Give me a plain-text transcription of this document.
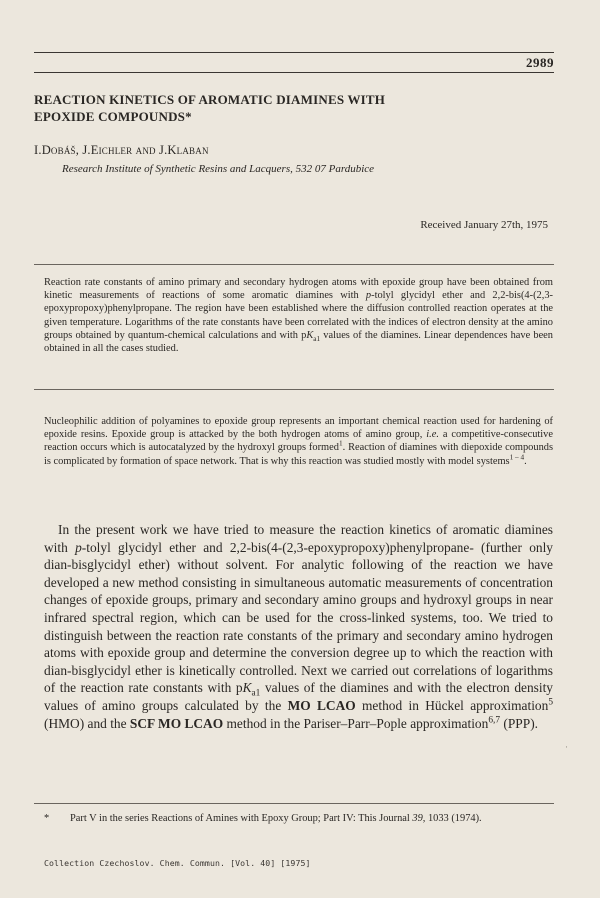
2989
REACTION KINETICS OF AROMATIC DIAMINES WITH
EPOXIDE COMPOUNDS*
I.Dobáš, J.Eichler and J.Klaban
Research Institute of Synthetic Resins and Lacquers, 532 07 Pardubice
Received January 27th, 1975

Reaction rate constants of amino primary and secondary hydrogen atoms with epoxide group have been obtained from kinetic measurements of reactions of some aromatic diamines with p-tolyl glycidyl ether and 2,2-bis(4-(2,3-epoxypropoxy)phenylpropane. The region have been established where the diffusion controlled reaction operates at the given temperature. Logarithms of the rate constants have been correlated with the indices of electron density at the amino groups obtained by quantum-chemical calculations and with $pK_{a1}$ values of the diamines. Linear dependences have been obtained in all the cases studied.

Nucleophilic addition of polyamines to epoxide group represents an important chemical reaction used for hardening of epoxide resins. Epoxide group is attacked by the both hydrogen atoms of amino group, i.e. a competitive-consecutive reaction occurs which is autocatalyzed by the hydroxyl groups formed$^1$. Reaction of diamines with diepoxide compounds is complicated by formation of space network. That is why this reaction was studied mostly with model systems$^{1 - 4}$.

In the present work we have tried to measure the reaction kinetics of aromatic diamines with p-tolyl glycidyl ether and 2,2-bis(4-(2,3-epoxypropoxy)phenylpropane- (further only dian-bisglycidyl ether) without solvent. For analytic following of the reaction we have developed a new method consisting in simultaneous automatic measurements of concentration changes of epoxide groups, primary and secondary amino groups and hydroxyl groups in near infrared spectral region, which can be used for the cross-linked systems, too. We tried to distinguish between the reaction rate constants of the primary and secondary amino hydrogen atoms with epoxide group and determine the conversion degree up to which the reaction with dian-bisglycidyl ether is kinetically controlled. Next we carried out correlations of logarithms of the reaction rate constants with $pK_{a1}$ values of the diamines and with the electron density values of amino groups calculated by the MO LCAO method in Hückel approximation$^5$ (HMO) and the SCF MO LCAO method in the Pariser–Parr–Pople approximation$^{6,7}$ (PPP).

·

* Part V in the series Reactions of Amines with Epoxy Group; Part IV: This Journal 39, 1033 (1974).

Collection Czechoslov. Chem. Commun. [Vol. 40] [1975]
